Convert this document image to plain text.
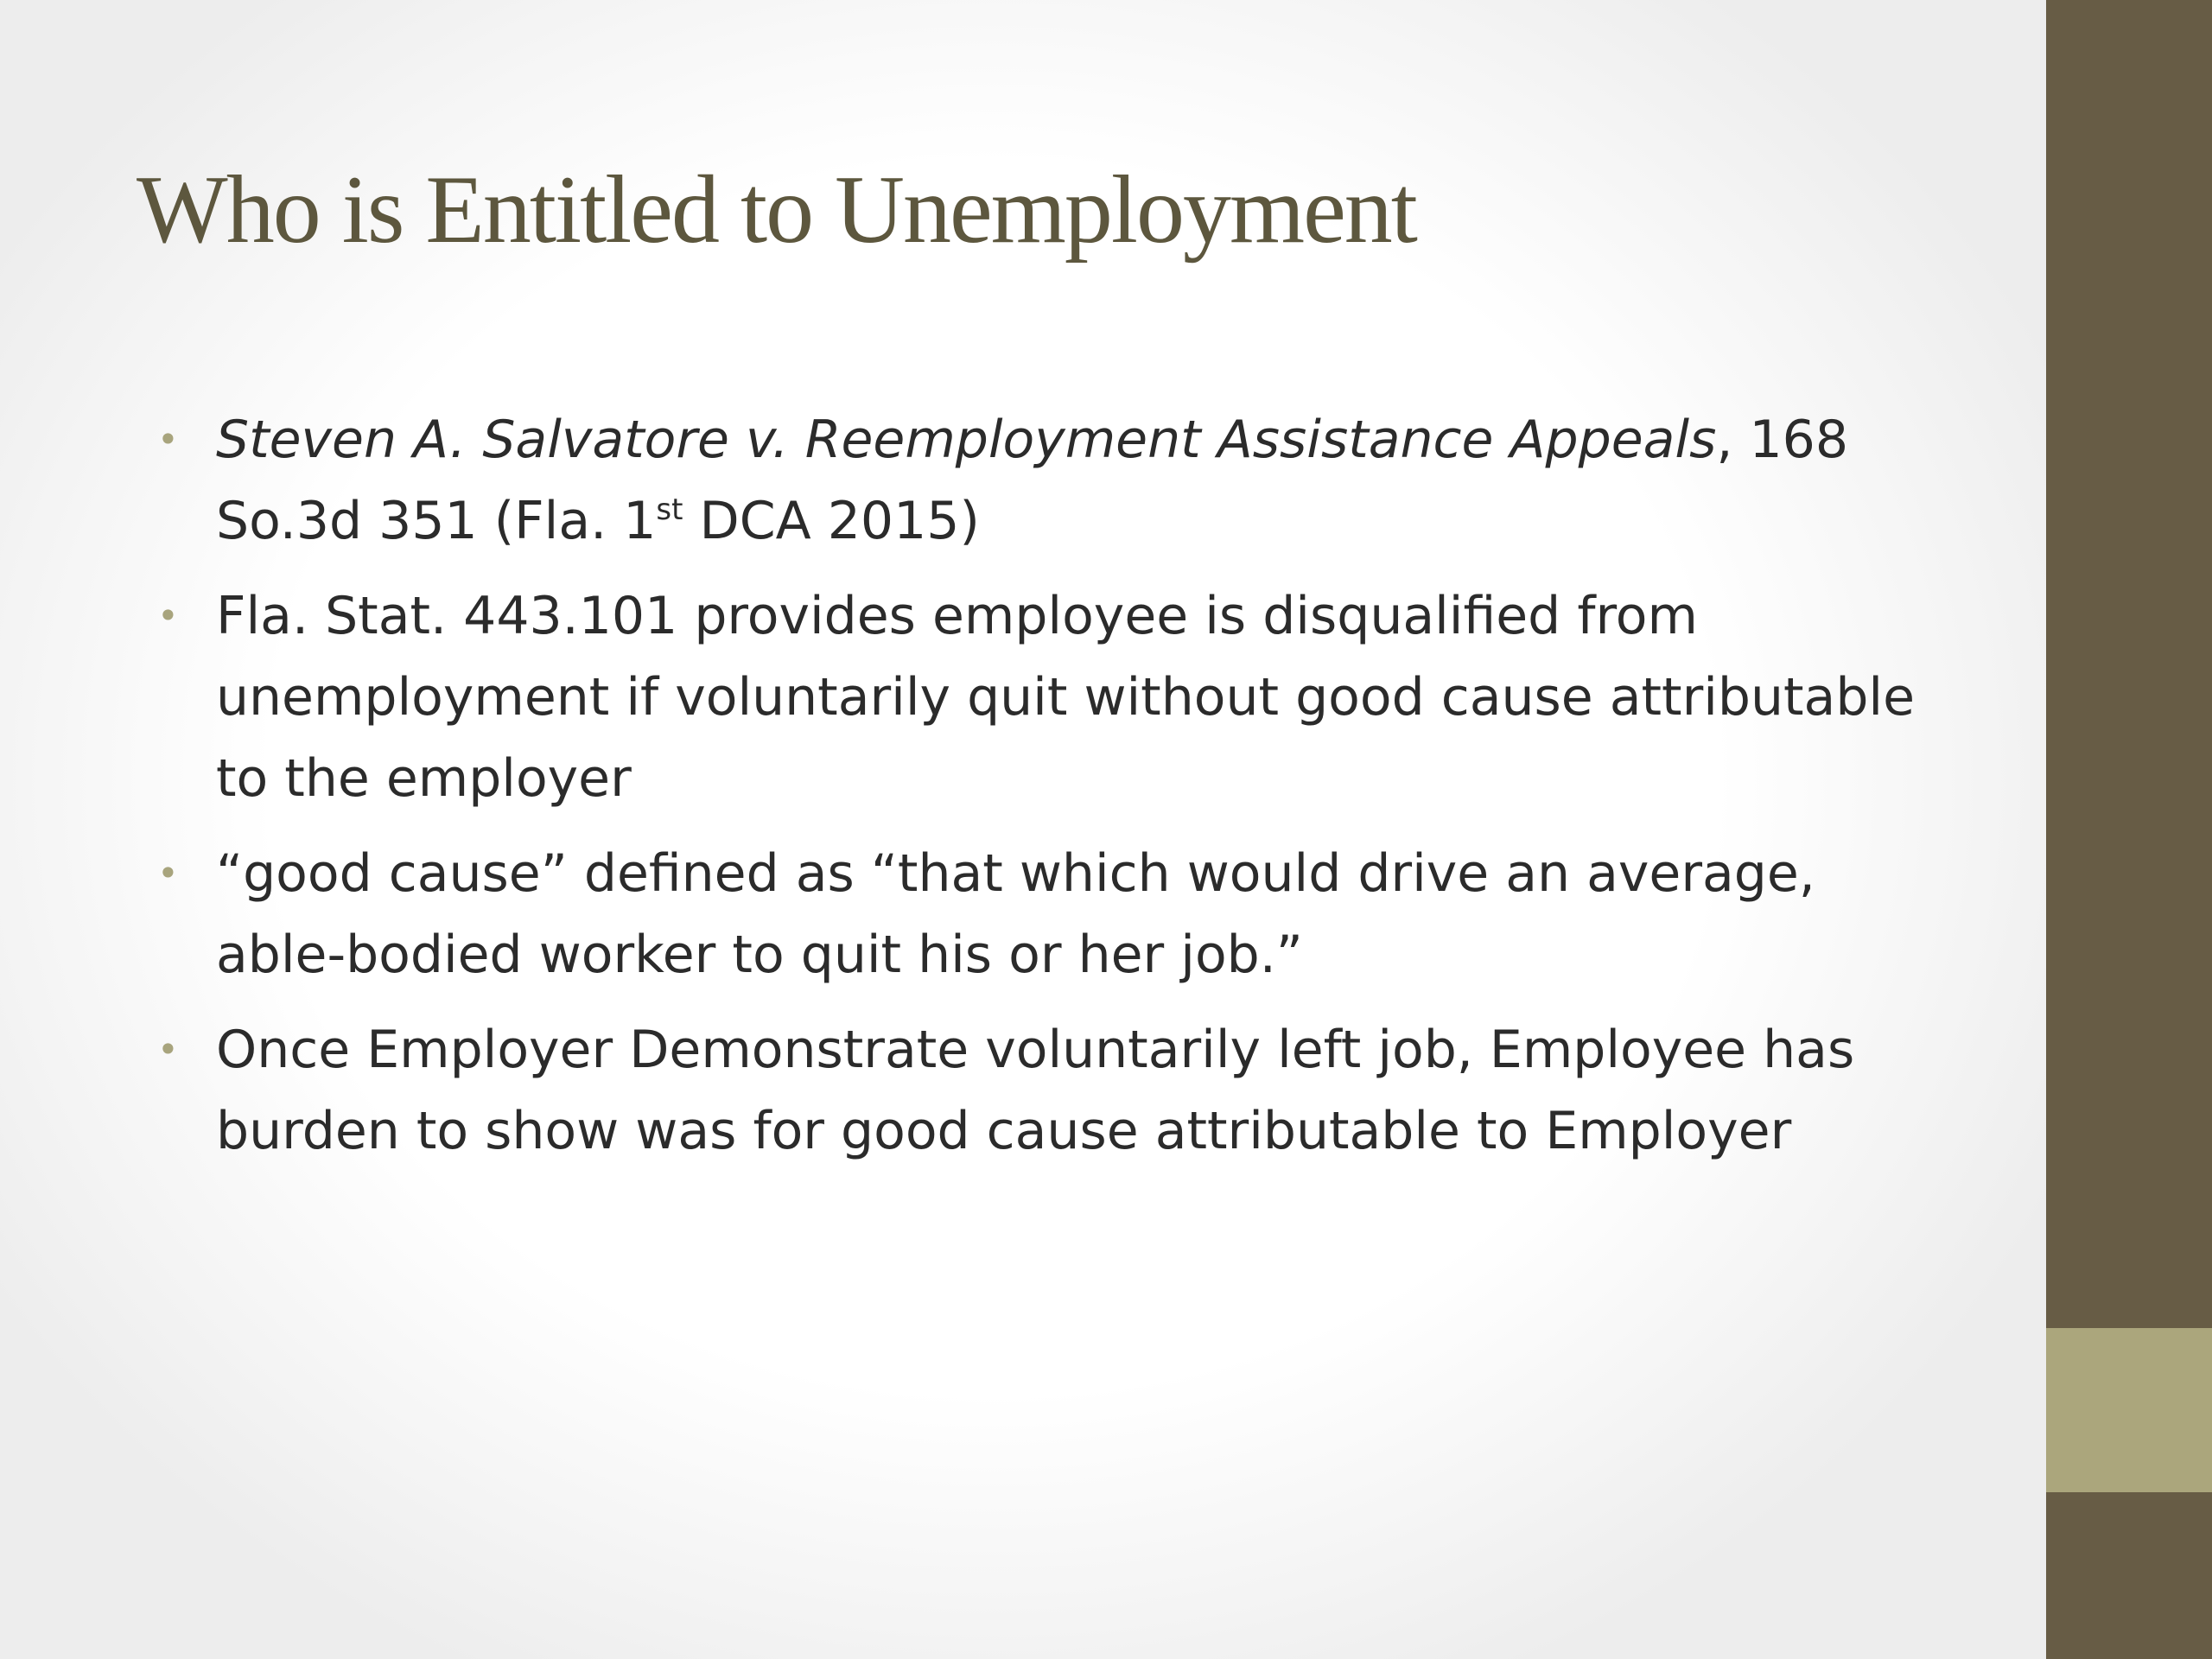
Who is Entitled to Unemployment
• Steven A. Salvatore v. Reemployment Assistance Appeals, 168 So.3d 351 (Fla. 1st DCA 2015)
• Fla. Stat. 443.101 provides employee is disqualified from unemployment if voluntarily quit without good cause attributable to the employer
• “good cause” defined as “that which would drive an average, able-bodied worker to quit his or her job.”
• Once Employer Demonstrate voluntarily left job, Employee has burden to show was for good cause attributable to Employer
